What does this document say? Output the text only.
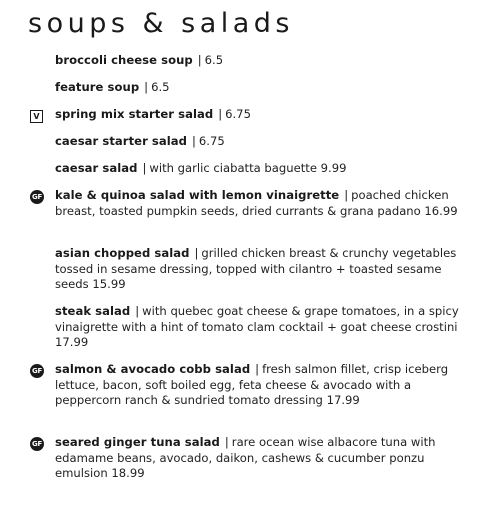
soups & salads
broccoli cheese soup | 6.5
feature soup | 6.5
V spring mix starter salad | 6.75
caesar starter salad | 6.75
caesar salad | with garlic ciabatta baguette 9.99
GF kale & quinoa salad with lemon vinaigrette | poached chicken breast, toasted pumpkin seeds, dried currants & grana padano 16.99
asian chopped salad | grilled chicken breast & crunchy vegetables tossed in sesame dressing, topped with cilantro + toasted sesame seeds 15.99
steak salad | with quebec goat cheese & grape tomatoes, in a spicy vinaigrette with a hint of tomato clam cocktail + goat cheese crostini 17.99
GF salmon & avocado cobb salad | fresh salmon fillet, crisp iceberg lettuce, bacon, soft boiled egg, feta cheese & avocado with a peppercorn ranch & sundried tomato dressing 17.99
GF seared ginger tuna salad | rare ocean wise albacore tuna with edamame beans, avocado, daikon, cashews & cucumber ponzu emulsion 18.99
